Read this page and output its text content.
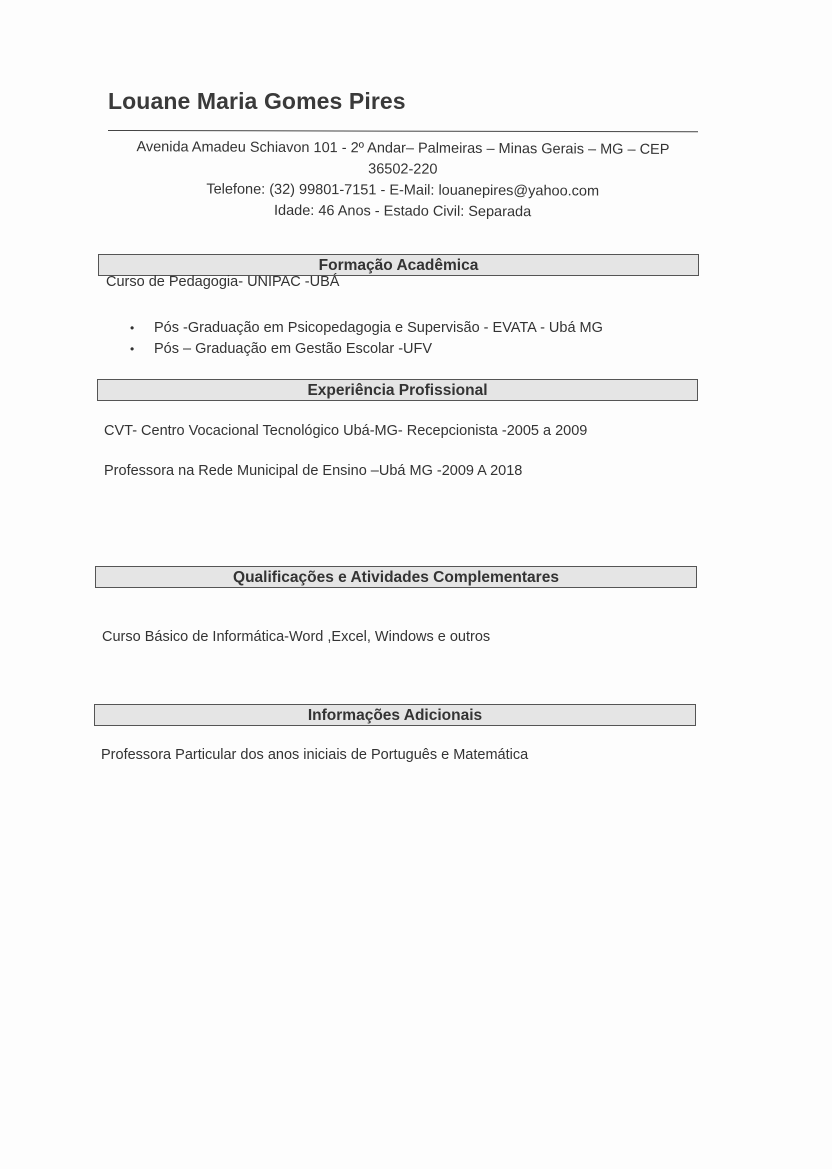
Louane Maria Gomes Pires
Avenida Amadeu Schiavon 101 - 2º Andar– Palmeiras – Minas Gerais – MG – CEP
36502-220
Telefone: (32) 99801-7151 - E-Mail: louanepires@yahoo.com
Idade: 46 Anos - Estado Civil: Separada
Formação Acadêmica
Curso de Pedagogia- UNIPAC -UBÁ
• Pós -Graduação em Psicopedagogia e Supervisão - EVATA - Ubá MG
• Pós – Graduação em Gestão Escolar -UFV
Experiência Profissional
CVT- Centro Vocacional Tecnológico Ubá-MG- Recepcionista -2005 a 2009
Professora na Rede Municipal de Ensino –Ubá MG -2009 A 2018
Qualificações e Atividades Complementares
Curso Básico de Informática-Word ,Excel, Windows e outros
Informações Adicionais
Professora Particular dos anos iniciais de Português e Matemática
